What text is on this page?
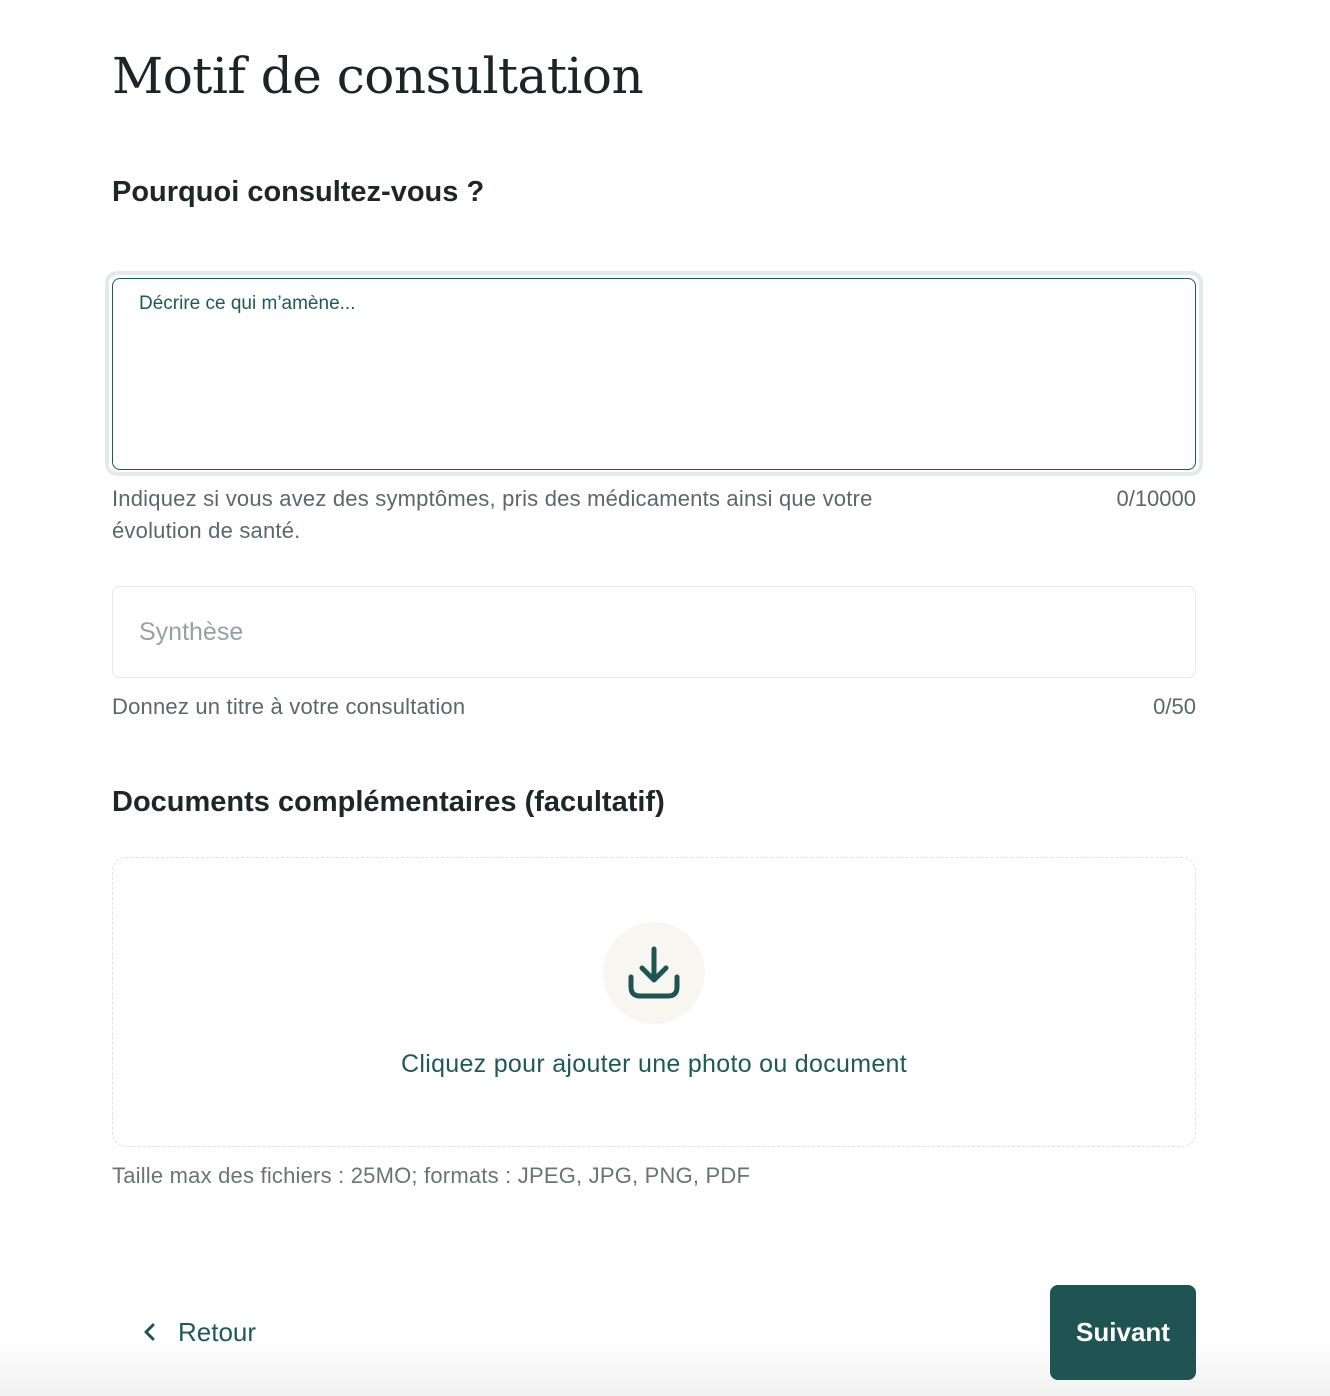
Motif de consultation
Pourquoi consultez-vous ?
Décrire ce qui m’amène...
Indiquez si vous avez des symptômes, pris des médicaments ainsi que votre évolution de santé.
0/10000
Synthèse
Donnez un titre à votre consultation	0/50
Documents complémentaires (facultatif)
Cliquez pour ajouter une photo ou document
Taille max des fichiers : 25MO; formats : JPEG, JPG, PNG, PDF
Retour	Suivant
